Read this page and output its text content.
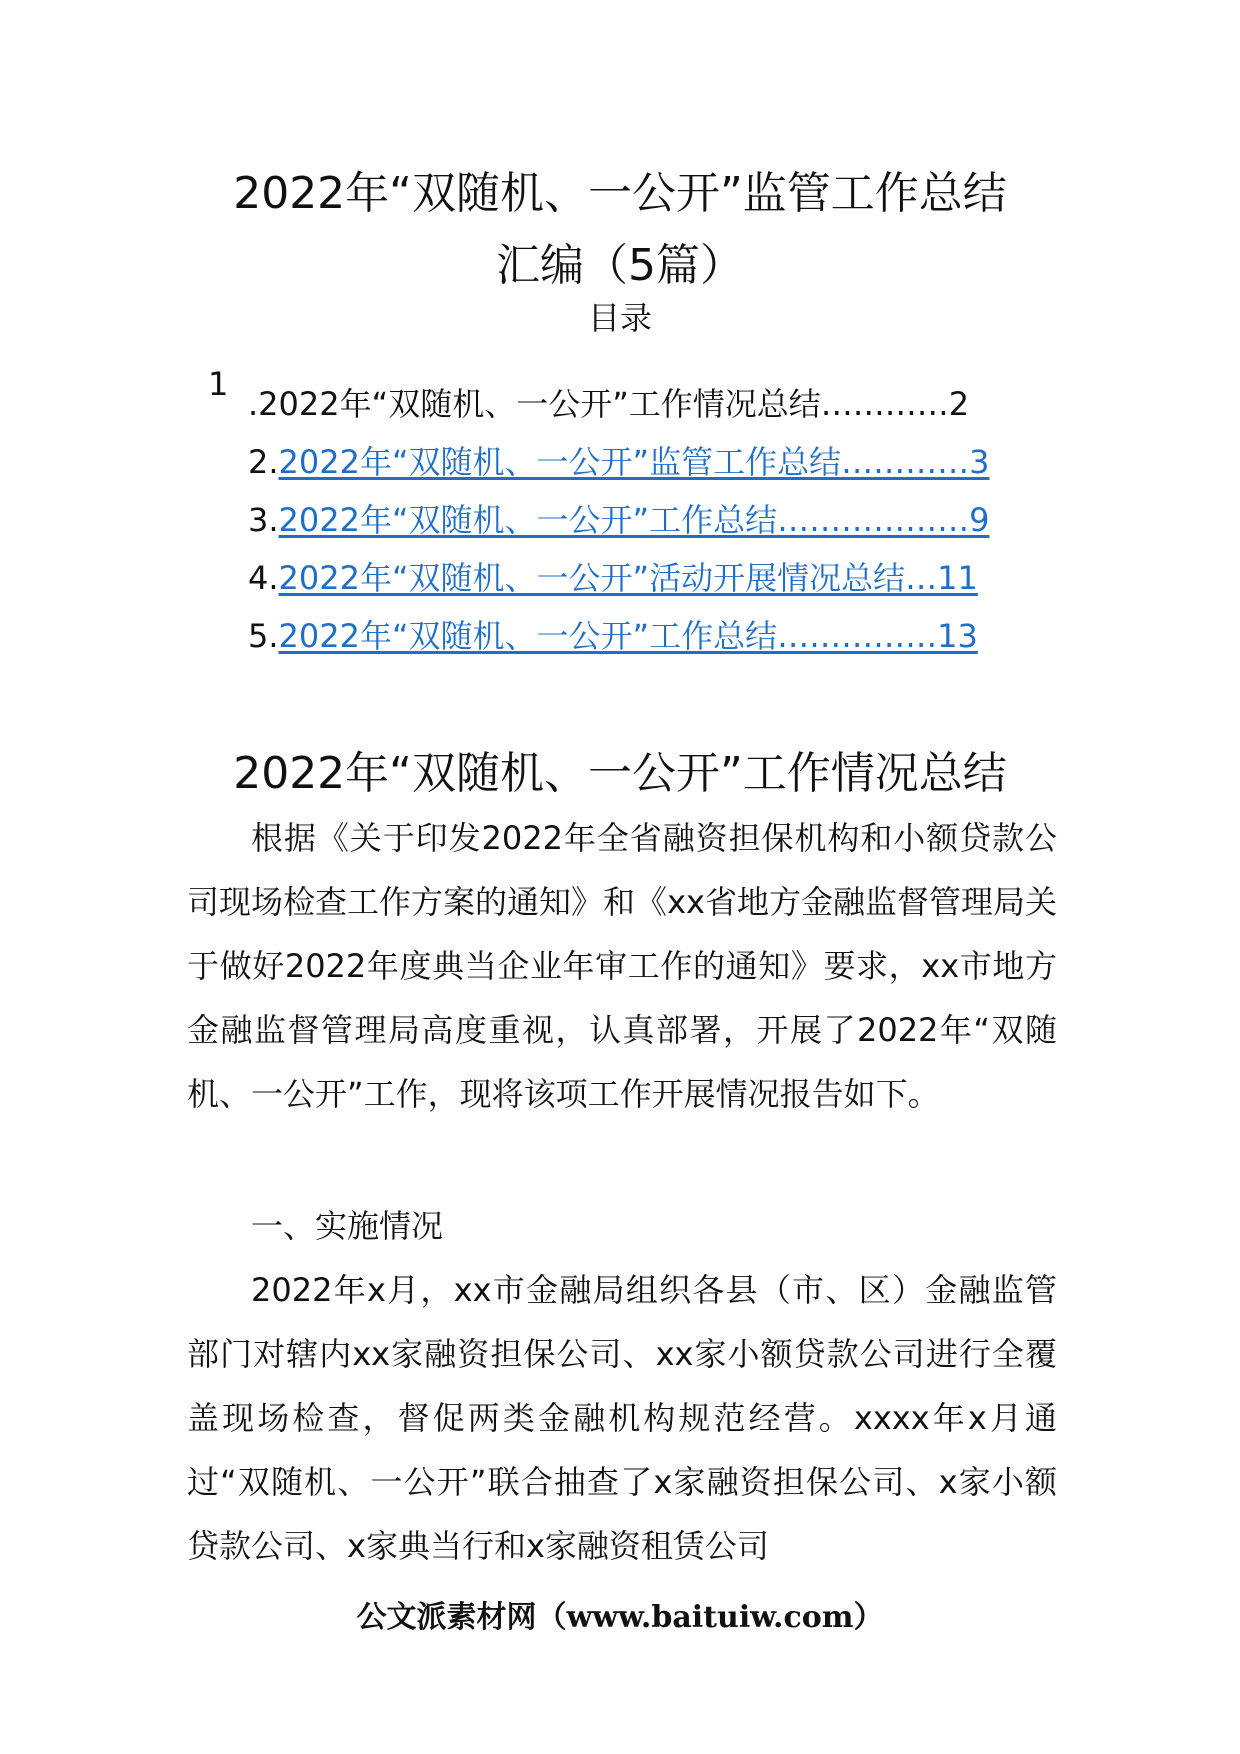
2022年“双随机、一公开”监管工作总结
汇编（5篇）
目录
1
.2022年“双随机、一公开”工作情况总结…………2
2.2022年“双随机、一公开”监管工作总结…………3
3.2022年“双随机、一公开”工作总结………………9
4.2022年“双随机、一公开”活动开展情况总结…11
5.2022年“双随机、一公开”工作总结……………13
2022年“双随机、一公开”工作情况总结

根据《关于印发2022年全省融资担保机构和小额贷款公司现场检查工作方案的通知》和《xx省地方金融监督管理局关于做好2022年度典当企业年审工作的通知》要求，xx市地方金融监督管理局高度重视，认真部署，开展了2022年“双随机、一公开”工作，现将该项工作开展情况报告如下。

一、实施情况

2022年x月，xx市金融局组织各县（市、区）金融监管部门对辖内xx家融资担保公司、xx家小额贷款公司进行全覆盖现场检查，督促两类金融机构规范经营。xxxx年x月通过“双随机、一公开”联合抽查了x家融资担保公司、x家小额贷款公司、x家典当行和x家融资租赁公司

公文派素材网（www.baituiw.com）
